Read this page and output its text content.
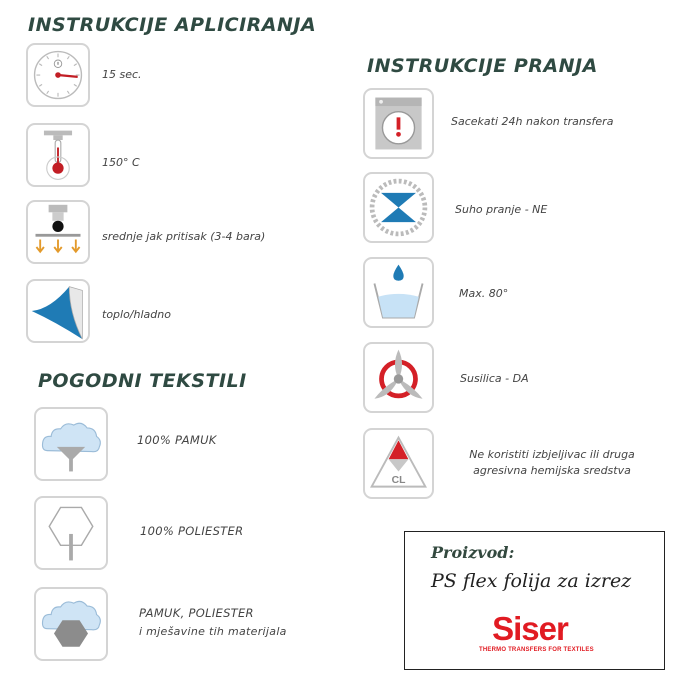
INSTRUKCIJE APLICIRANJA
15 sec.
150° C
srednje jak pritisak (3-4 bara)
toplo/hladno
POGODNI TEKSTILI
100% PAMUK
100% POLIESTER
PAMUK, POLIESTER
i mješavine tih materijala
INSTRUKCIJE PRANJA
Sacekati 24h nakon transfera
Suho pranje - NE
Max. 80°
Susilica - DA
CL
Ne koristiti izbjeljivac ili druga
agresivna hemijska sredstva
Proizvod:
PS flex folija za izrez
Siser
THERMO TRANSFERS FOR TEXTILES
